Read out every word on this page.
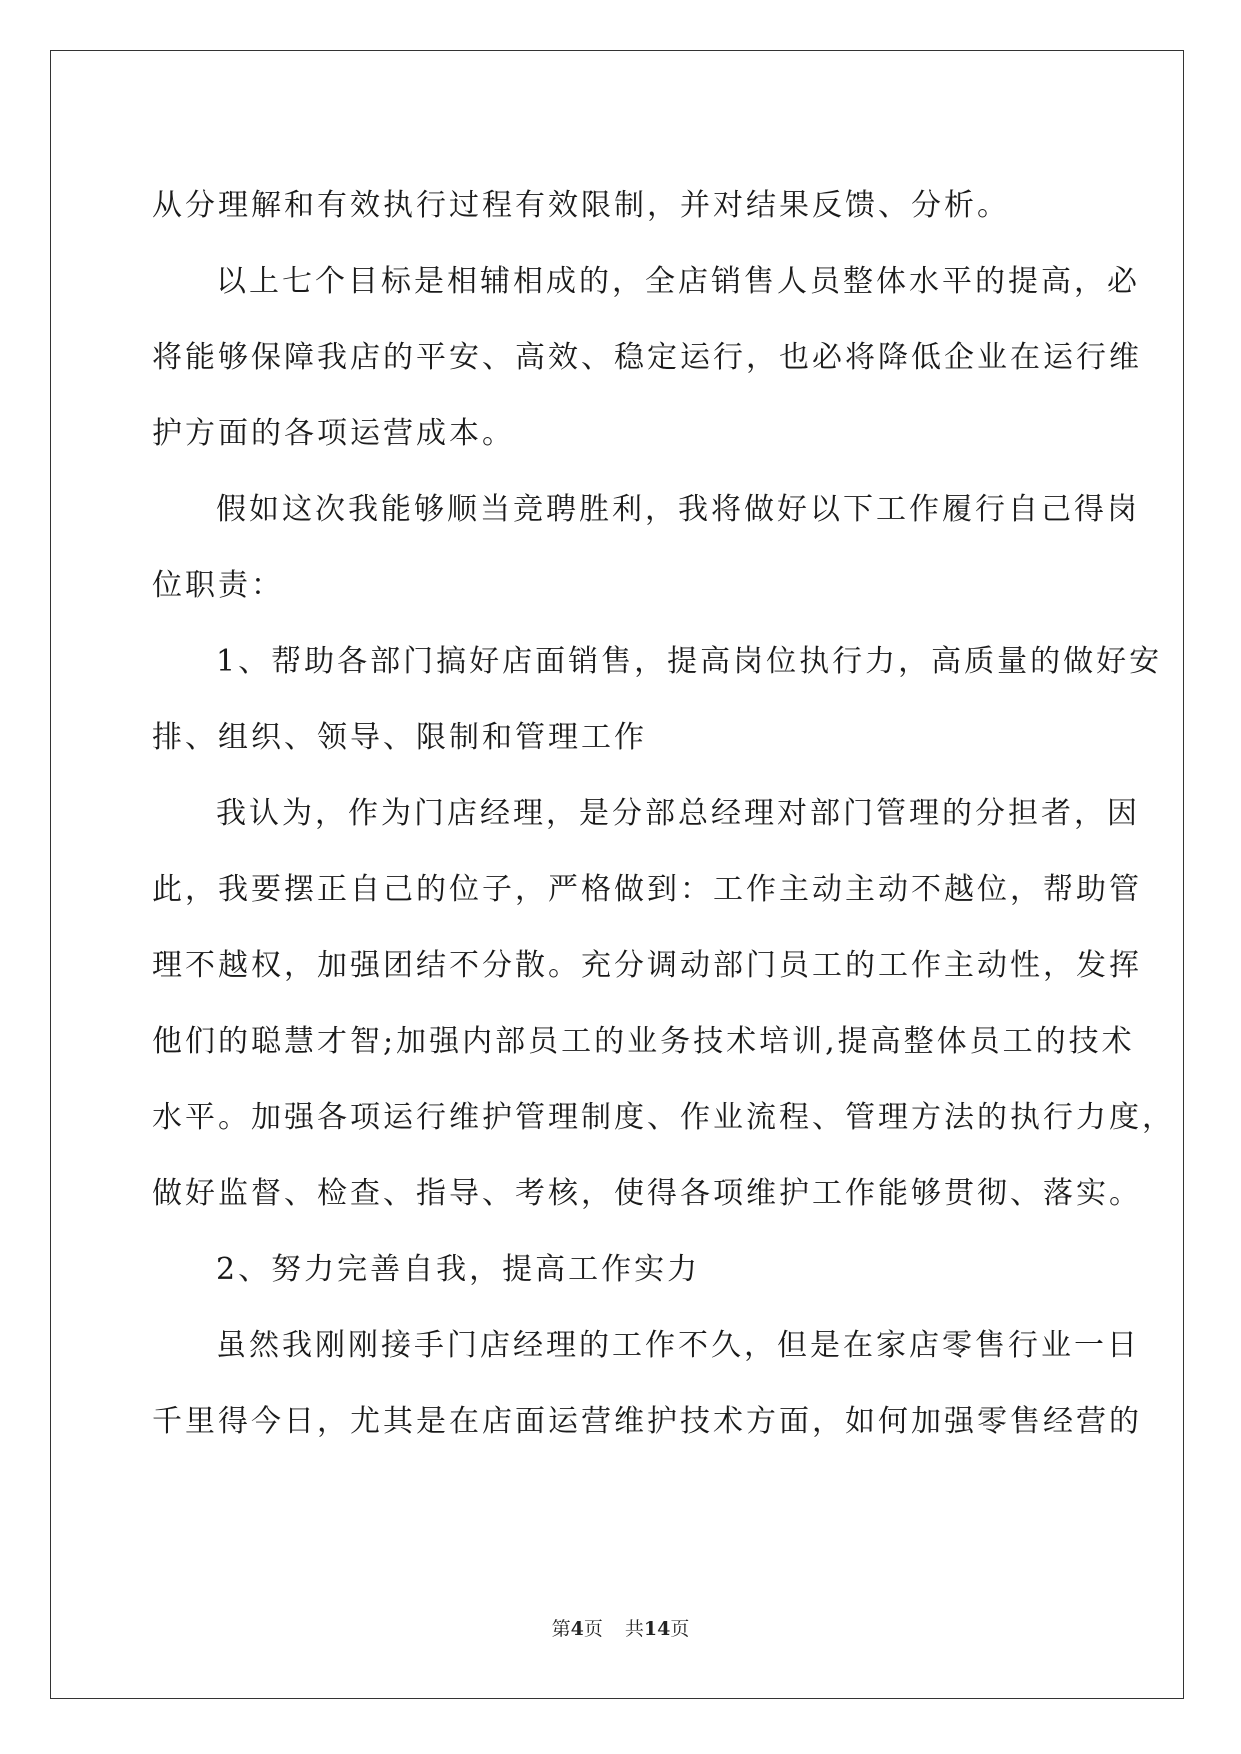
从分理解和有效执行过程有效限制，并对结果反馈、分析。

以上七个目标是相辅相成的，全店销售人员整体水平的提高，必

将能够保障我店的平安、高效、稳定运行，也必将降低企业在运行维

护方面的各项运营成本。

假如这次我能够顺当竞聘胜利，我将做好以下工作履行自己得岗

位职责：

1、帮助各部门搞好店面销售，提高岗位执行力，高质量的做好安

排、组织、领导、限制和管理工作

我认为，作为门店经理，是分部总经理对部门管理的分担者，因

此，我要摆正自己的位子，严格做到：工作主动主动不越位，帮助管

理不越权，加强团结不分散。充分调动部门员工的工作主动性，发挥

他们的聪慧才智;加强内部员工的业务技术培训,提高整体员工的技术

水平。加强各项运行维护管理制度、作业流程、管理方法的执行力度，

做好监督、检查、指导、考核，使得各项维护工作能够贯彻、落实。

2、努力完善自我，提高工作实力

虽然我刚刚接手门店经理的工作不久，但是在家店零售行业一日

千里得今日，尤其是在店面运营维护技术方面，如何加强零售经营的

第4页 共14页
